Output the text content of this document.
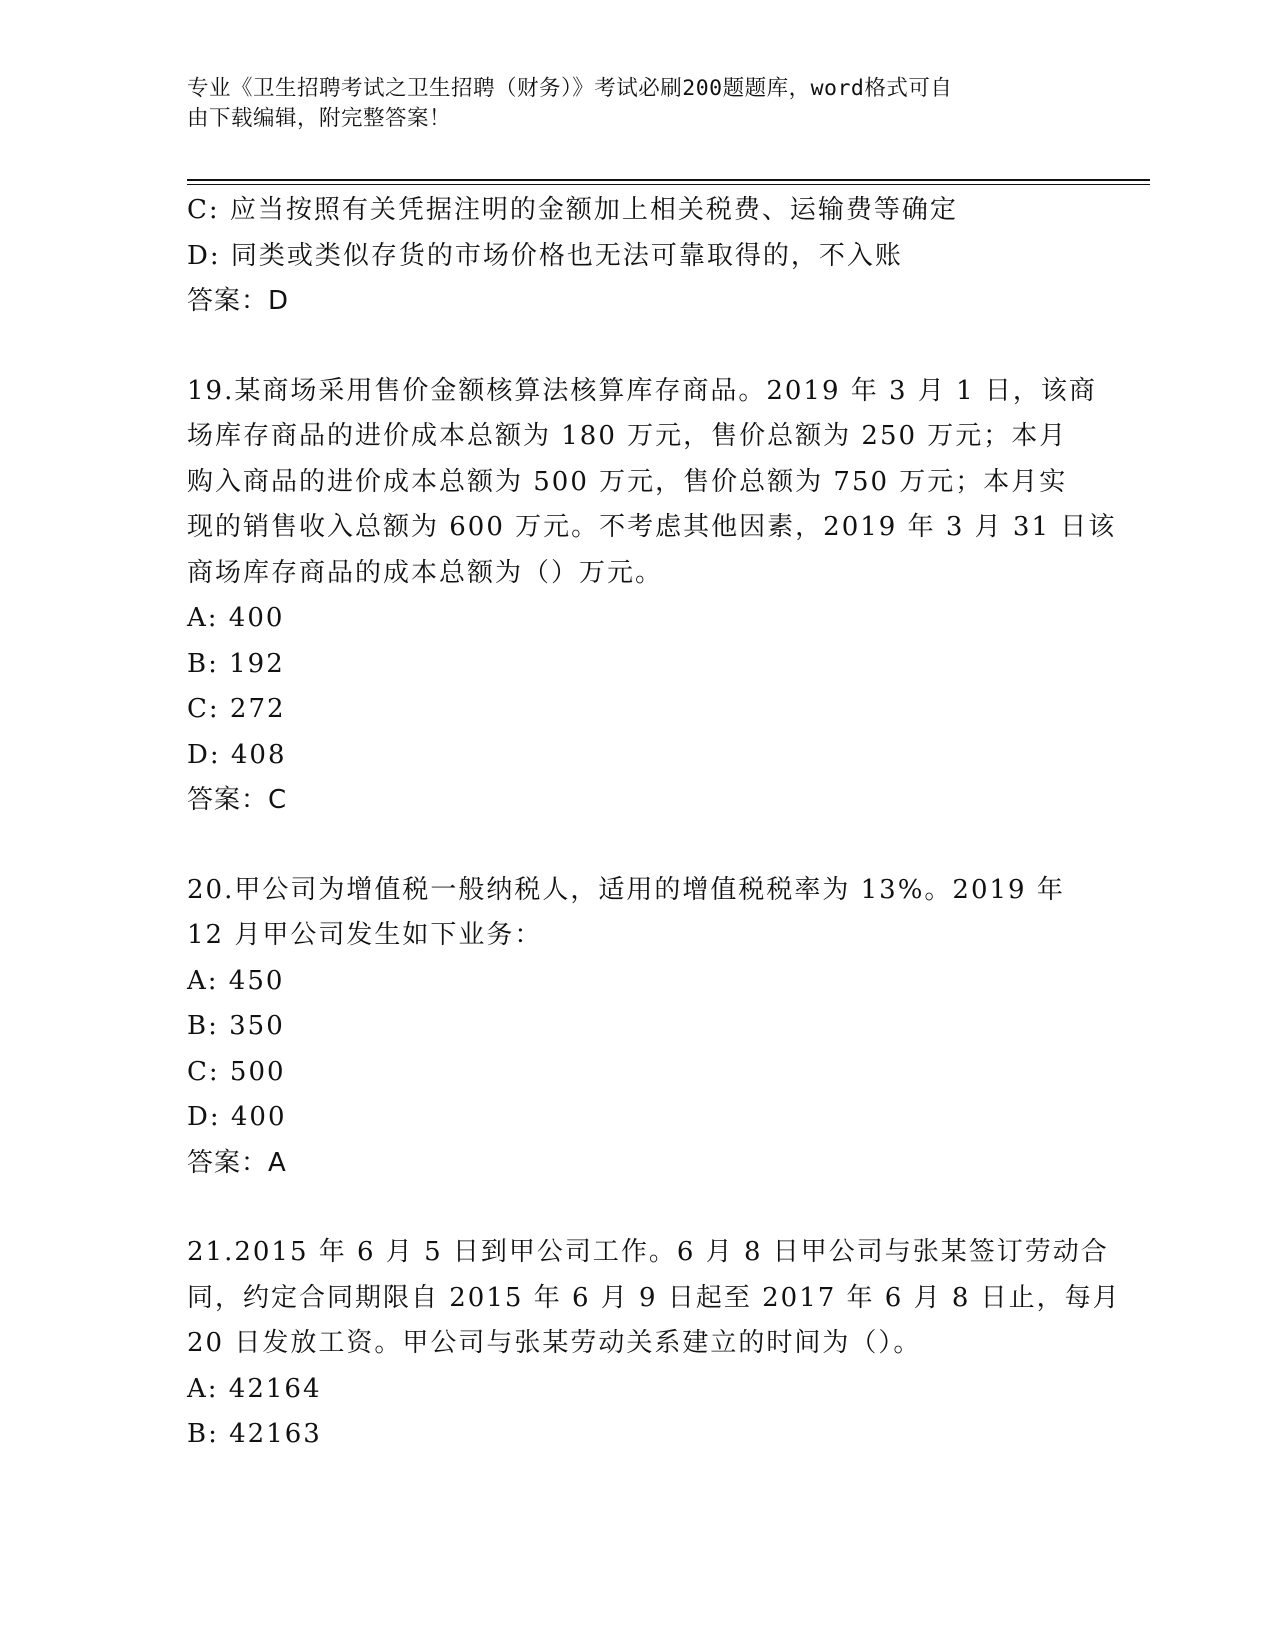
专业《卫生招聘考试之卫生招聘（财务）》考试必刷200题题库，word格式可自
由下载编辑，附完整答案！
C: 应当按照有关凭据注明的金额加上相关税费、运输费等确定
D: 同类或类似存货的市场价格也无法可靠取得的，不入账
答案：D
19.某商场采用售价金额核算法核算库存商品。2019 年 3 月 1 日，该商
场库存商品的进价成本总额为 180 万元，售价总额为 250 万元；本月
购入商品的进价成本总额为 500 万元，售价总额为 750 万元；本月实
现的销售收入总额为 600 万元。不考虑其他因素，2019 年 3 月 31 日该
商场库存商品的成本总额为（）万元。
A: 400
B: 192
C: 272
D: 408
答案：C
20.甲公司为增值税一般纳税人，适用的增值税税率为 13%。2019 年
12 月甲公司发生如下业务：
A: 450
B: 350
C: 500
D: 400
答案：A
21.2015 年 6 月 5 日到甲公司工作。6 月 8 日甲公司与张某签订劳动合
同，约定合同期限自 2015 年 6 月 9 日起至 2017 年 6 月 8 日止，每月
20 日发放工资。甲公司与张某劳动关系建立的时间为（）。
A: 42164
B: 42163
